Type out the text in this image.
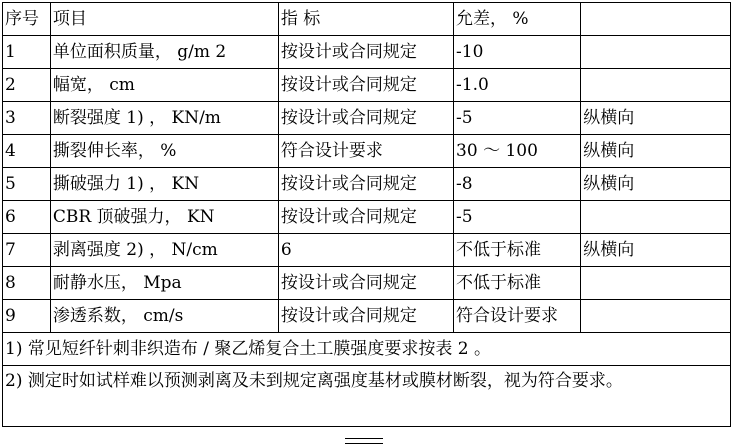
序号	项目	指 标	允差， %	
1	单位面积质量， g/m 2	按设计或合同规定	-10	
2	幅宽， cm	按设计或合同规定	-1.0	
3	断裂强度 1) ， KN/m	按设计或合同规定	-5	纵横向
4	撕裂伸长率， %	符合设计要求	30 ～ 100	纵横向
5	撕破强力 1) ， KN	按设计或合同规定	-8	纵横向
6	CBR 顶破强力， KN	按设计或合同规定	-5	
7	剥离强度 2) ， N/cm	6	不低于标准	纵横向
8	耐静水压， Mpa	按设计或合同规定	不低于标准	
9	渗透系数， cm/s	按设计或合同规定	符合设计要求	
1) 常见短纤针刺非织造布 / 聚乙烯复合土工膜强度要求按表 2 。				
2) 测定时如试样难以预测剥离及未到规定离强度基材或膜材断裂，视为符合要求。				
